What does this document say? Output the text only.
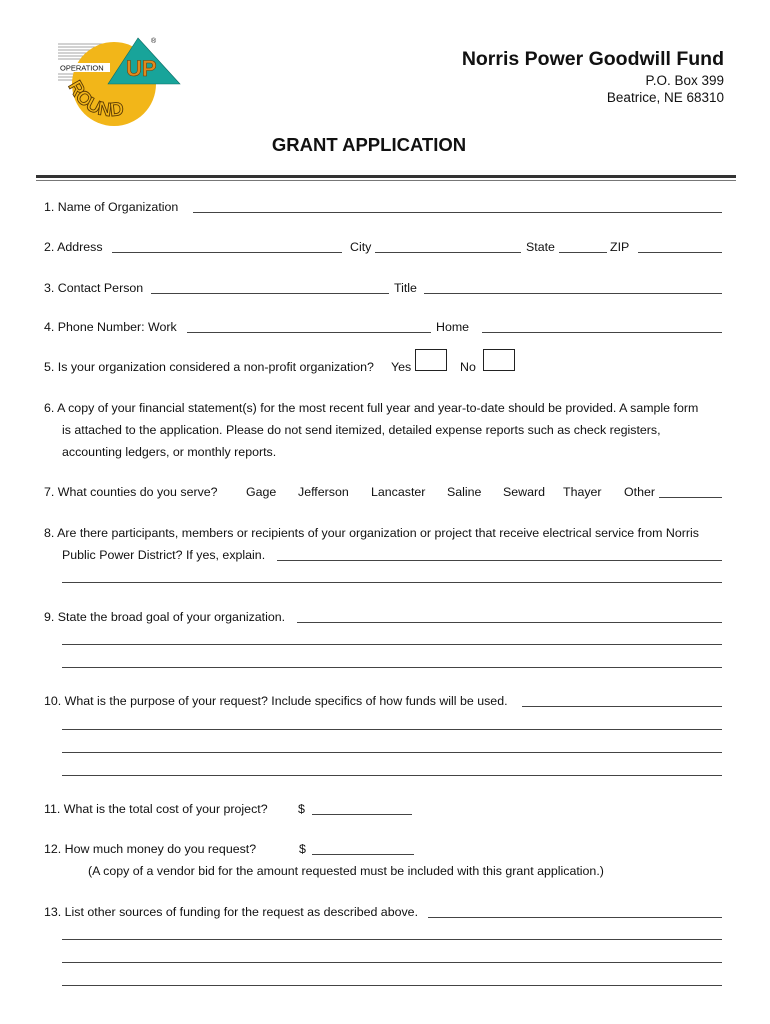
OPERATION UP
ROUND
®
Norris Power Goodwill Fund
P.O. Box 399
Beatrice, NE 68310
GRANT APPLICATION
1. Name of Organization
2. Address	City	State	ZIP
3. Contact Person	Title
4. Phone Number: Work	Home
5. Is your organization considered a non-profit organization? Yes	No
6. A copy of your financial statement(s) for the most recent full year and year-to-date should be provided. A sample form
is attached to the application. Please do not send itemized, detailed expense reports such as check registers,
accounting ledgers, or monthly reports.
7. What counties do you serve? Gage Jefferson Lancaster Saline Seward Thayer Other
8. Are there participants, members or recipients of your organization or project that receive electrical service from Norris
Public Power District? If yes, explain.
9. State the broad goal of your organization.
10. What is the purpose of your request? Include specifics of how funds will be used.
11. What is the total cost of your project? $
12. How much money do you request?	$
(A copy of a vendor bid for the amount requested must be included with this grant application.)
13. List other sources of funding for the request as described above.
